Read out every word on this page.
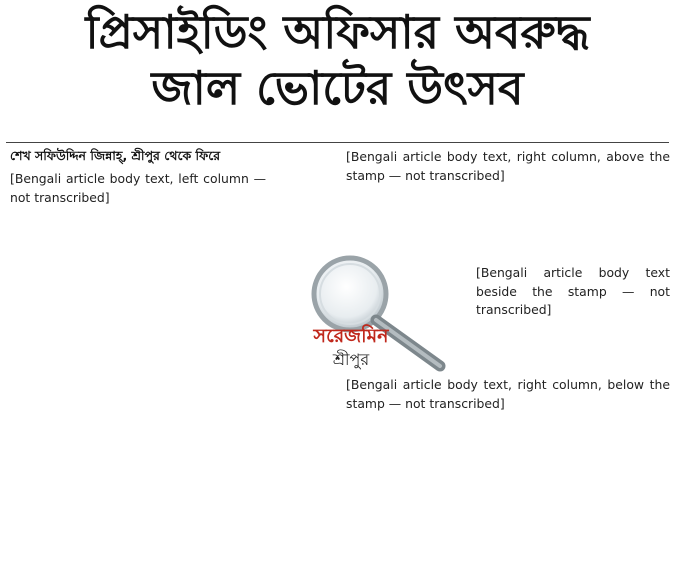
প্রিসাইডিং অফিসার অবরুদ্ধ
জাল ভোটের উৎসব
শেখ সফিউদ্দিন জিন্নাহ্, শ্রীপুর থেকে ফিরে

[Bengali article body text, left column — not transcribed]

[Bengali article body text, right column, above the stamp — not transcribed]

[Bengali article body text beside the stamp — not transcribed]

[Bengali article body text, right column, below the stamp — not transcribed]

সরেজমিন
শ্রীপুর
